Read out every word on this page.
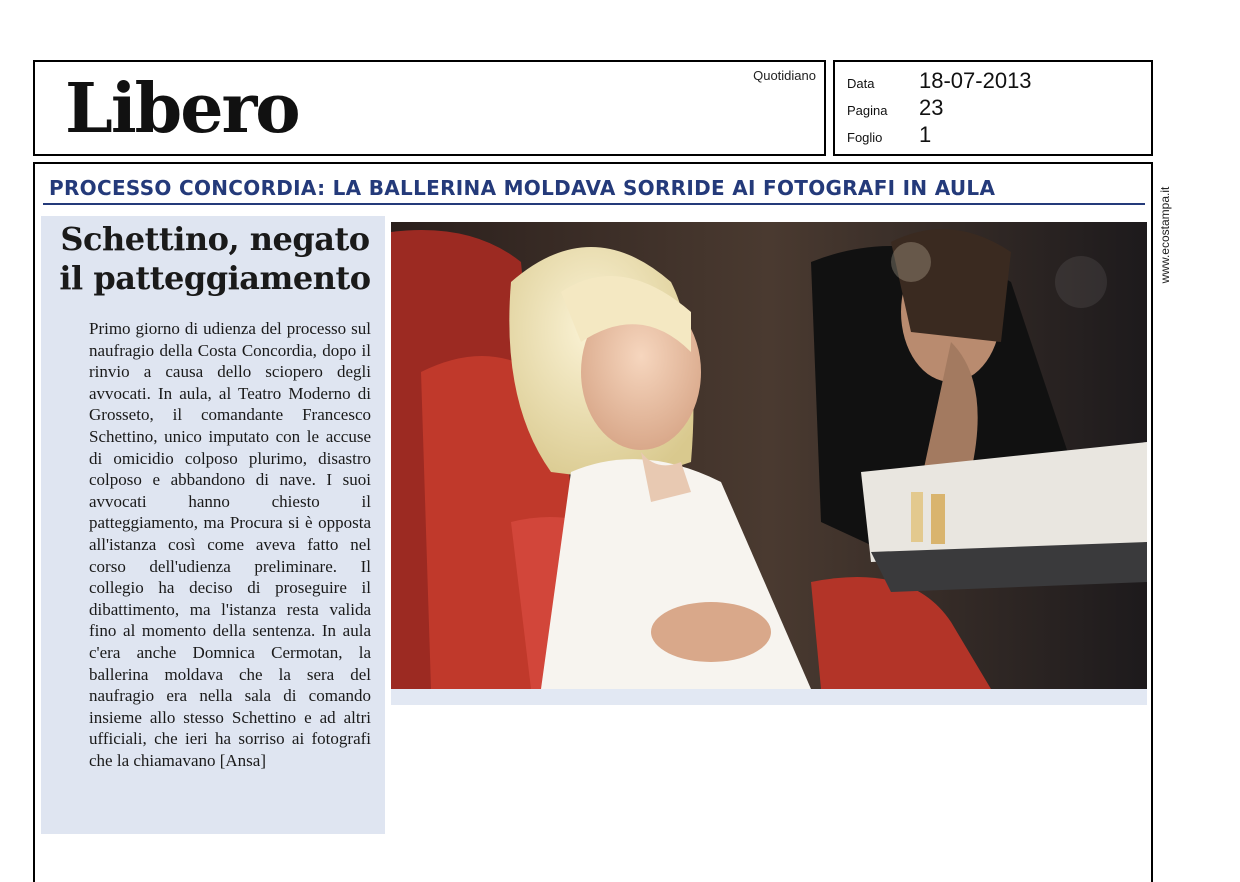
Libero	Quotidiano
Data	18-07-2013
Pagina	23
Foglio	1
PROCESSO CONCORDIA: LA BALLERINA MOLDAVA SORRIDE AI FOTOGRAFI IN AULA
Schettino, negato il patteggiamento

Primo giorno di udienza del processo sul naufragio della Costa Concordia, dopo il rinvio a causa dello sciopero degli avvocati. In aula, al Teatro Moderno di Grosseto, il comandante Francesco Schettino, unico imputato con le accuse di omicidio colposo plurimo, disastro colposo e abbandono di nave. I suoi avvocati hanno chiesto il patteggiamento, ma Procura si è opposta all'istanza così come aveva fatto nel corso dell'udienza preliminare. Il collegio ha deciso di proseguire il dibattimento, ma l'istanza resta valida fino al momento della sentenza. In aula c'era anche Domnica Cermotan, la ballerina moldava che la sera del naufragio era nella sala di comando insieme allo stesso Schettino e ad altri ufficiali, che ieri ha sorriso ai fotografi che la chiamavano [Ansa]

www.ecostampa.it
